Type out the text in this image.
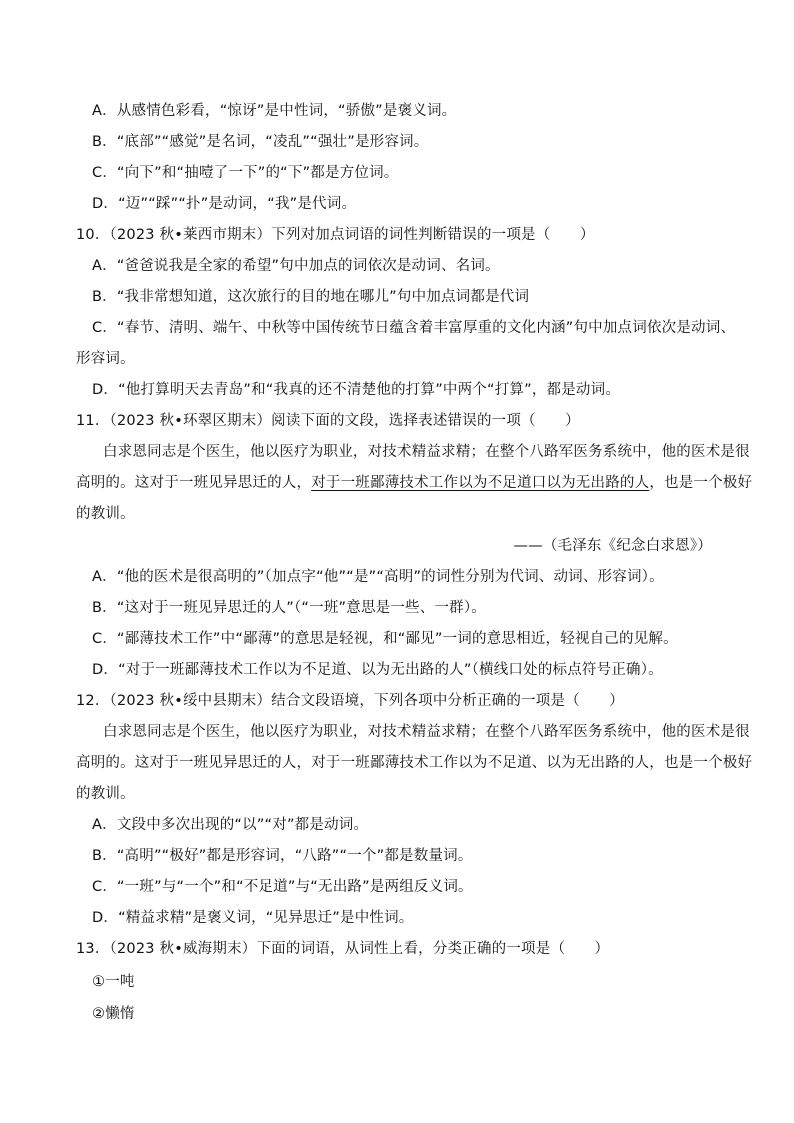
A．从感情色彩看，“惊讶”是中性词，“骄傲”是褒义词。
B．“底部”“感觉”是名词，“凌乱”“强壮”是形容词。
C．“向下”和“抽噎了一下”的“下”都是方位词。
D．“迈”“踩”“扑”是动词，“我”是代词。
10．（2023 秋•莱西市期末）下列对加点词语的词性判断错误的一项是（　　）
A．“爸爸说我是全家的希望”句中加点的词依次是动词、名词。
B．“我非常想知道，这次旅行的目的地在哪儿”句中加点词都是代词
C．“春节、清明、端午、中秋等中国传统节日蕴含着丰富厚重的文化内涵”句中加点词依次是动词、
形容词。
D．“他打算明天去青岛”和“我真的还不清楚他的打算”中两个“打算”，都是动词。
11．（2023 秋•环翠区期末）阅读下面的文段，选择表述错误的一项（　　）
白求恩同志是个医生，他以医疗为职业，对技术精益求精；在整个八路军医务系统中，他的医术是很
高明的。这对于一班见异思迁的人，对于一班鄙薄技术工作以为不足道口以为无出路的人，也是一个极好
的教训。
——（毛泽东《纪念白求恩》）
A．“他的医术是很高明的”（加点字“他”“是”“高明”的词性分别为代词、动词、形容词）。
B．“这对于一班见异思迁的人”（“一班”意思是一些、一群）。
C．“鄙薄技术工作”中“鄙薄”的意思是轻视，和“鄙见”一词的意思相近，轻视自己的见解。
D．“对于一班鄙薄技术工作以为不足道、以为无出路的人”（横线口处的标点符号正确）。
12．（2023 秋•绥中县期末）结合文段语境，下列各项中分析正确的一项是（　　）
白求恩同志是个医生，他以医疗为职业，对技术精益求精；在整个八路军医务系统中，他的医术是很
高明的。这对于一班见异思迁的人，对于一班鄙薄技术工作以为不足道、以为无出路的人，也是一个极好
的教训。
A．文段中多次出现的“以”“对”都是动词。
B．“高明”“极好”都是形容词，“八路”“一个”都是数量词。
C．“一班”与“一个”和“不足道”与“无出路”是两组反义词。
D．“精益求精”是褒义词，“见异思迁”是中性词。
13．（2023 秋•威海期末）下面的词语，从词性上看，分类正确的一项是（　　）
①一吨
②懒惰
